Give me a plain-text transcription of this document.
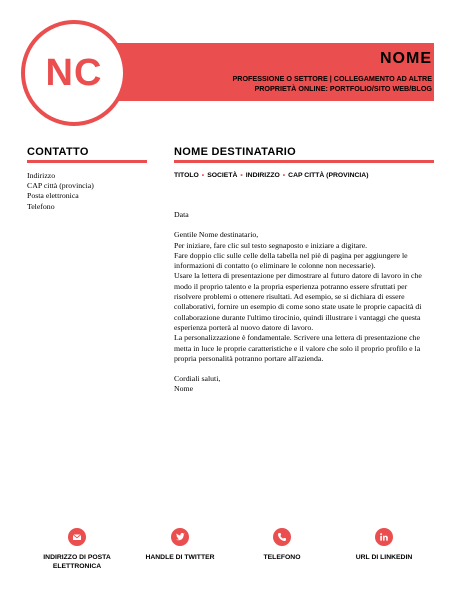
NC	NOME
PROFESSIONE O SETTORE | COLLEGAMENTO AD ALTRE PROPRIETÀ ONLINE: PORTFOLIO/SITO WEB/BLOG
CONTATTO
Indirizzo
CAP città (provincia)
Posta elettronica
Telefono
NOME DESTINATARIO
TITOLO • SOCIETÀ • INDIRIZZO • CAP CITTÀ (PROVINCIA)

Data

Gentile Nome destinatario,

Per iniziare, fare clic sul testo segnaposto e iniziare a digitare.

Fare doppio clic sulle celle della tabella nel piè di pagina per aggiungere le informazioni di contatto (o eliminare le colonne non necessarie).

Usare la lettera di presentazione per dimostrare al futuro datore di lavoro in che modo il proprio talento e la propria esperienza potranno essere sfruttati per risolvere problemi o ottenere risultati. Ad esempio, se si dichiara di essere collaborativi, fornire un esempio di come sono state usate le proprie capacità di collaborazione durante l'ultimo tirocinio, quindi illustrare i vantaggi che questa esperienza porterà al nuovo datore di lavoro.

La personalizzazione è fondamentale. Scrivere una lettera di presentazione che metta in luce le proprie caratteristiche e il valore che solo il proprio profilo e la propria personalità potranno portare all'azienda.

Cordiali saluti,

Nome

INDIRIZZO DI POSTA ELETTRONICA
HANDLE DI TWITTER	TELEFONO	URL DI LINKEDIN
